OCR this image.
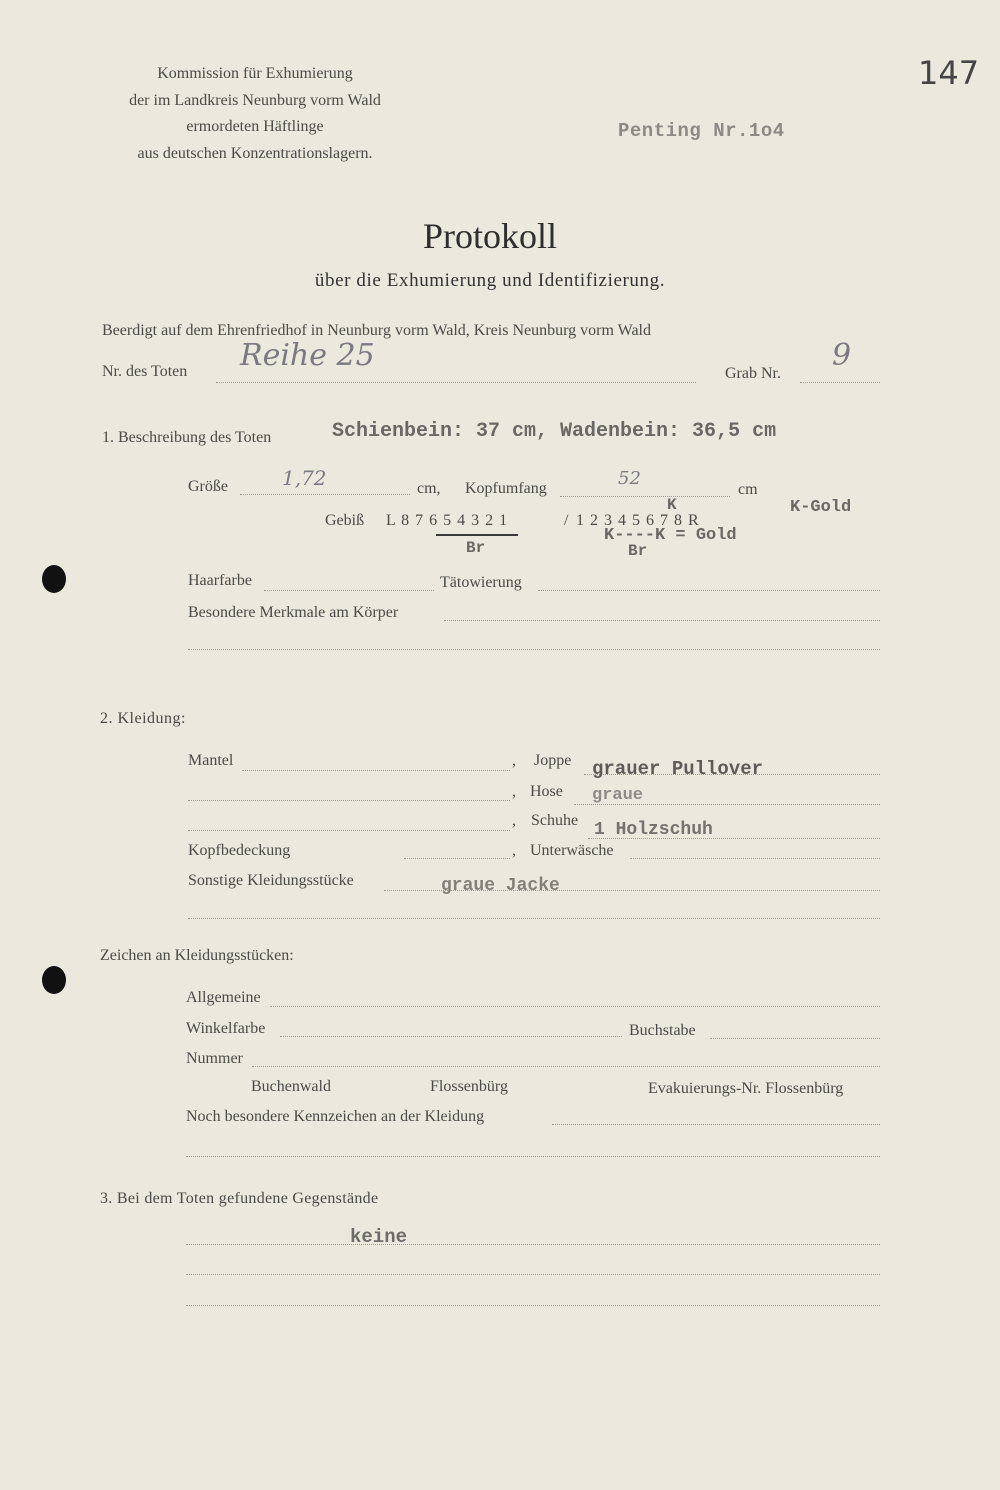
Kommission für Exhumierung
der im Landkreis Neunburg vorm Wald
ermordeten Häftlinge
aus deutschen Konzentrationslagern.
147
Penting Nr.1o4
Protokoll
über die Exhumierung und Identifizierung.
Beerdigt auf dem Ehrenfriedhof in Neunburg vorm Wald, Kreis Neunburg vorm Wald
Nr. des Toten Reihe 25
Grab Nr.
9
1. Beschreibung des Toten	Schienbein: 37 cm, Wadenbein: 36,5 cm
Größe	1,72	cm, Kopfumfang	52
cm
Gebiß L 8 7 6 5 4 3 2 1	/ 1 2 3 4 5 6 7 8 R
K	K-Gold
Br
K----K = Gold
Br
Haarfarbe	Tätowierung
Besondere Merkmale am Körper
2. Kleidung:
Mantel	, Joppe grauer Pullover
, Hose graue
, Schuhe 1 Holzschuh
Kopfbedeckung	, Unterwäsche
Sonstige Kleidungsstücke	graue Jacke
Zeichen an Kleidungsstücken:
Allgemeine
Winkelfarbe	Buchstabe
Nummer
Buchenwald	Flossenbürg	Evakuierungs-Nr. Flossenbürg
Noch besondere Kennzeichen an der Kleidung
3. Bei dem Toten gefundene Gegenstände
keine
